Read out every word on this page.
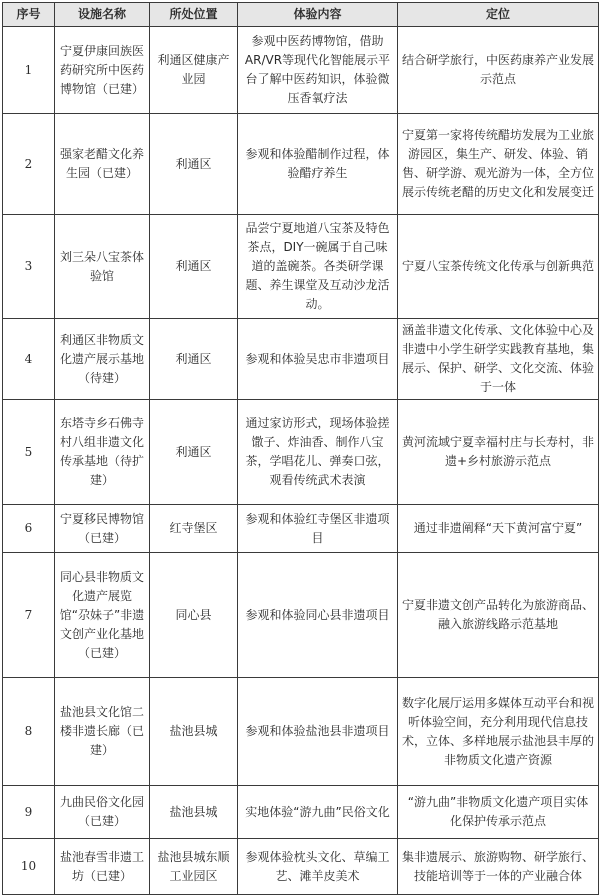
序号	设施名称	所处位置	体验内容	定位
1	宁夏伊康回族医药研究所中医药博物馆（已建）	利通区健康产业园	参观中医药博物馆，借助AR/VR等现代化智能展示平台了解中医药知识，体验微压香氧疗法	结合研学旅行，中医药康养产业发展示范点
2	强家老醋文化养生园（已建）	利通区	参观和体验醋制作过程，体验醋疗养生	宁夏第一家将传统醋坊发展为工业旅游园区，集生产、研发、体验、销售、研学游、观光游为一体，全方位展示传统老醋的历史文化和发展变迁
3	刘三朵八宝茶体验馆	利通区	品尝宁夏地道八宝茶及特色茶点，DIY一碗属于自己味道的盖碗茶。各类研学课题、养生课堂及互动沙龙活动。	宁夏八宝茶传统文化传承与创新典范
4	利通区非物质文化遗产展示基地（待建）	利通区	参观和体验吴忠市非遗项目	涵盖非遗文化传承、文化体验中心及非遗中小学生研学实践教育基地，集展示、保护、研学、文化交流、体验于一体
5	东塔寺乡石佛寺村八组非遗文化传承基地（待扩建）	利通区	通过家访形式，现场体验搓馓子、炸油香、制作八宝茶，学唱花儿、弹奏口弦，观看传统武术表演	黄河流域宁夏幸福村庄与长寿村，非遗+乡村旅游示范点
6	宁夏移民博物馆（已建）	红寺堡区	参观和体验红寺堡区非遗项目	通过非遗阐释“天下黄河富宁夏”
7	同心县非物质文化遗产展览馆“尕妹子”非遗文创产业化基地（已建）	同心县	参观和体验同心县非遗项目	宁夏非遗文创产品转化为旅游商品、融入旅游线路示范基地
8	盐池县文化馆二楼非遗长廊（已建）	盐池县城	参观和体验盐池县非遗项目	数字化展厅运用多媒体互动平台和视听体验空间，充分利用现代信息技术，立体、多样地展示盐池县丰厚的非物质文化遗产资源
9	九曲民俗文化园（已建）	盐池县城	实地体验“游九曲”民俗文化	“游九曲”非物质文化遗产项目实体化保护传承示范点
10	盐池春雪非遗工坊（已建）	盐池县城东顺工业园区	参观体验枕头文化、草编工艺、滩羊皮美术	集非遗展示、旅游购物、研学旅行、技能培训等于一体的产业融合体
